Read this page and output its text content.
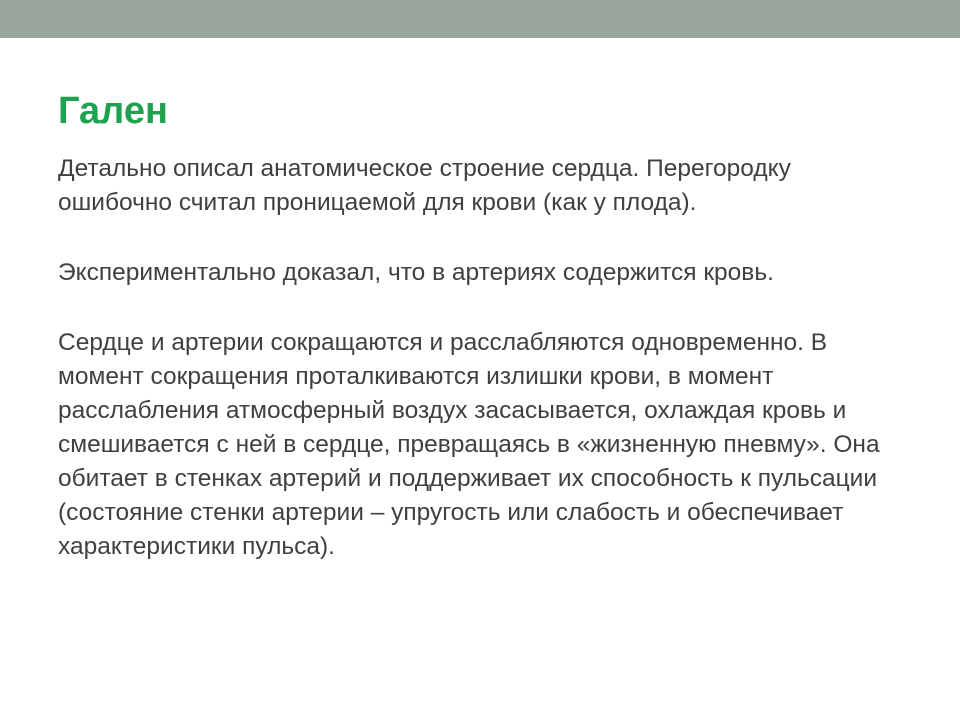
Гален

Детально описал анатомическое строение сердца. Перегородку ошибочно считал проницаемой для крови (как у плода).

Экспериментально доказал, что в артериях содержится кровь.

Сердце и артерии сокращаются и расслабляются одновременно. В момент сокращения проталкиваются излишки крови, в момент расслабления атмосферный воздух засасывается, охлаждая кровь и смешивается с ней в сердце, превращаясь в «жизненную пневму». Она обитает в стенках артерий и поддерживает их способность к пульсации (состояние стенки артерии – упругость или слабость и обеспечивает характеристики пульса).
